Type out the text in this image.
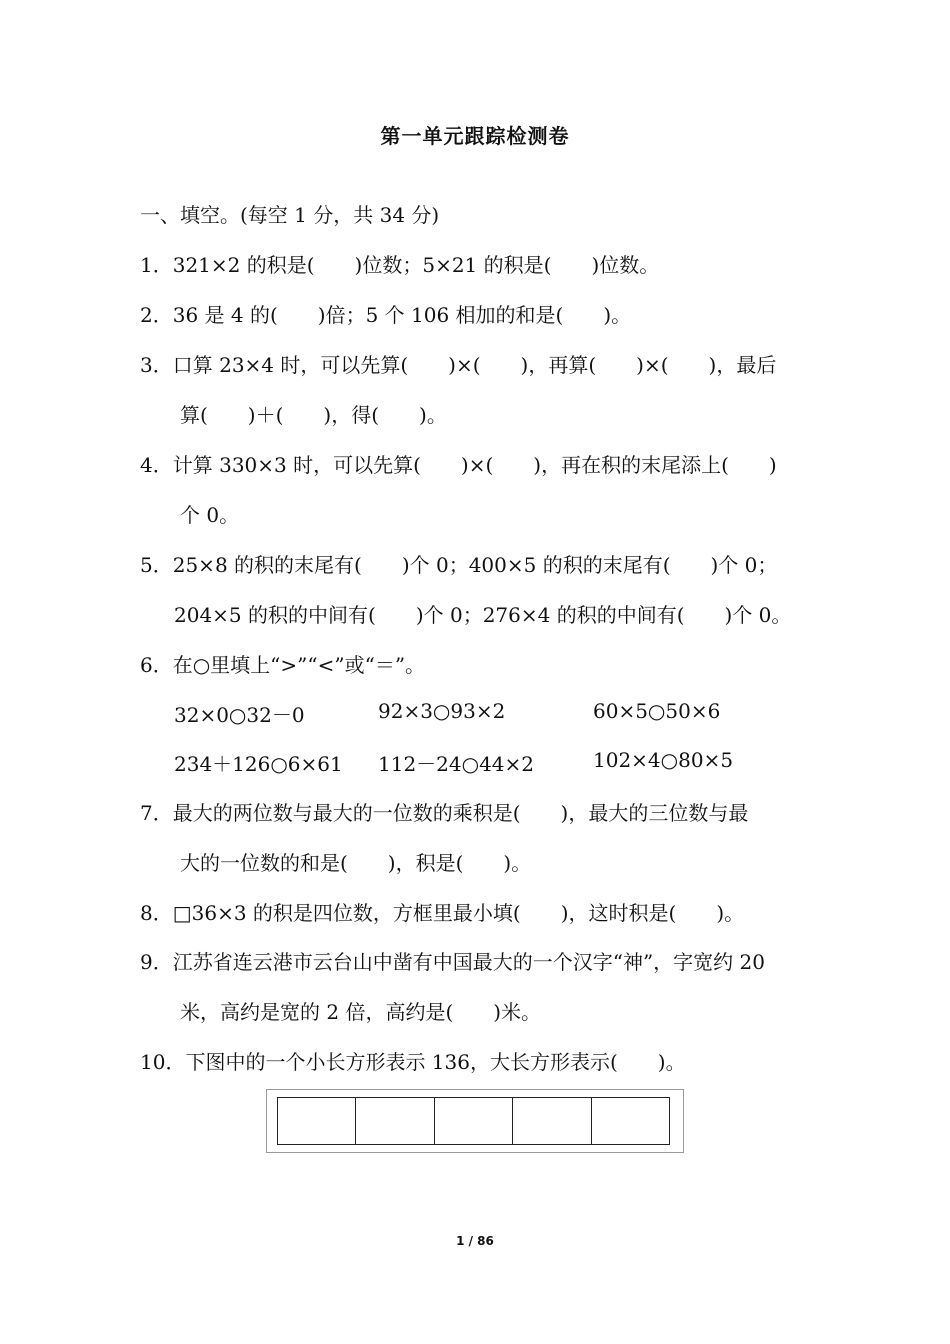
第一单元跟踪检测卷
一、填空。(每空 1 分，共 34 分)
1．321×2 的积是(　　)位数；5×21 的积是(　　)位数。
2．36 是 4 的(　　)倍；5 个 106 相加的和是(　　)。
3．口算 23×4 时，可以先算(　　)×(　　)，再算(　　)×(　　)，最后
算(　　)＋(　　)，得(　　)。
4．计算 330×3 时，可以先算(　　)×(　　)，再在积的末尾添上(　　)
个 0。
5．25×8 的积的末尾有(　　)个 0；400×5 的积的末尾有(　　)个 0；
204×5 的积的中间有(　　)个 0；276×4 的积的中间有(　　)个 0。
6．在○里填上“>”“<”或“＝”。
32×0○32－0	92×3○93×2	60×5○50×6
234＋126○6×61 112－24○44×2	102×4○80×5
7．最大的两位数与最大的一位数的乘积是(　　)，最大的三位数与最
大的一位数的和是(　　)，积是(　　)。
8．□36×3 的积是四位数，方框里最小填(　　)，这时积是(　　)。
9．江苏省连云港市云台山中凿有中国最大的一个汉字“神”，字宽约 20
米，高约是宽的 2 倍，高约是(　　)米。
10．下图中的一个小长方形表示 136，大长方形表示(　　)。
1 / 86
